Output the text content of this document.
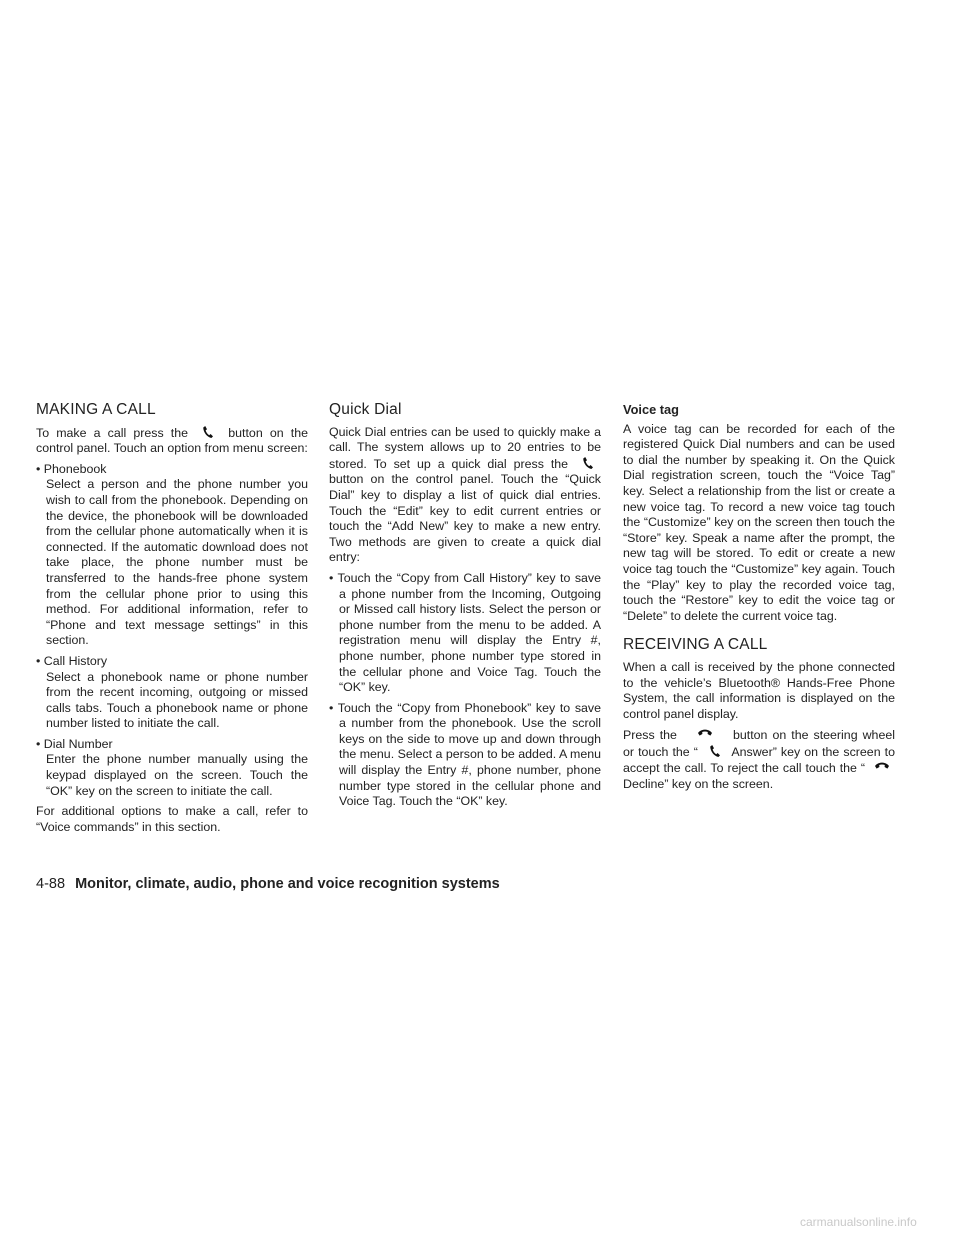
MAKING A CALL

To make a call press the	button on the control panel. Touch an option from menu screen:

• Phonebook
Select a person and the phone number you wish to call from the phonebook. Depending on the device, the phonebook will be downloaded from the cellular phone automatically when it is connected. If the automatic download does not take place, the phone number must be transferred to the hands-free phone system from the cellular phone prior to using this method. For additional information, refer to “Phone and text message settings” in this section.
• Call History
Select a phonebook name or phone number from the recent incoming, outgoing or missed calls tabs. Touch a phonebook name or phone number listed to initiate the call.
• Dial Number
Enter the phone number manually using the keypad displayed on the screen. Touch the “OK” key on the screen to initiate the call.

For additional options to make a call, refer to “Voice commands” in this section.

Quick Dial

Quick Dial entries can be used to quickly make a call. The system allows up to 20 entries to be stored. To set up a quick dial press the
button on the control panel. Touch the “Quick Dial” key to display a list of quick dial entries. Touch the “Edit” key to edit current entries or touch the “Add New” key to make a new entry. Two methods are given to create a quick dial entry:

• Touch the “Copy from Call History” key to save a phone number from the Incoming, Outgoing or Missed call history lists. Select the person or phone number from the menu to be added. A registration menu will display the Entry #, phone number, phone number type stored in the cellular phone and Voice Tag. Touch the “OK” key.
• Touch the “Copy from Phonebook” key to save a number from the phonebook. Use the scroll keys on the side to move up and down through the menu. Select a person to be added. A menu will display the Entry #, phone number, phone number type stored in the cellular phone and Voice Tag. Touch the “OK” key.
Voice tag

A voice tag can be recorded for each of the registered Quick Dial numbers and can be used to dial the number by speaking it. On the Quick Dial registration screen, touch the “Voice Tag” key. Select a relationship from the list or create a new voice tag. To record a new voice tag touch the “Customize” key on the screen then touch the “Store” key. Speak a name after the prompt, the new tag will be stored. To edit or create a new voice tag touch the “Customize” key again. Touch the “Play” key to play the recorded voice tag, touch the “Restore” key to edit the voice tag or “Delete” to delete the current voice tag.

RECEIVING A CALL

When a call is received by the phone connected to the vehicle’s Bluetooth® Hands-Free Phone System, the call information is displayed on the control panel display.

Press the	button on the steering wheel or touch the “	Answer” key on the screen to accept the call. To reject the call touch the “
Decline” key on the screen.

4-88 Monitor, climate, audio, phone and voice recognition systems
carmanualsonline.info
